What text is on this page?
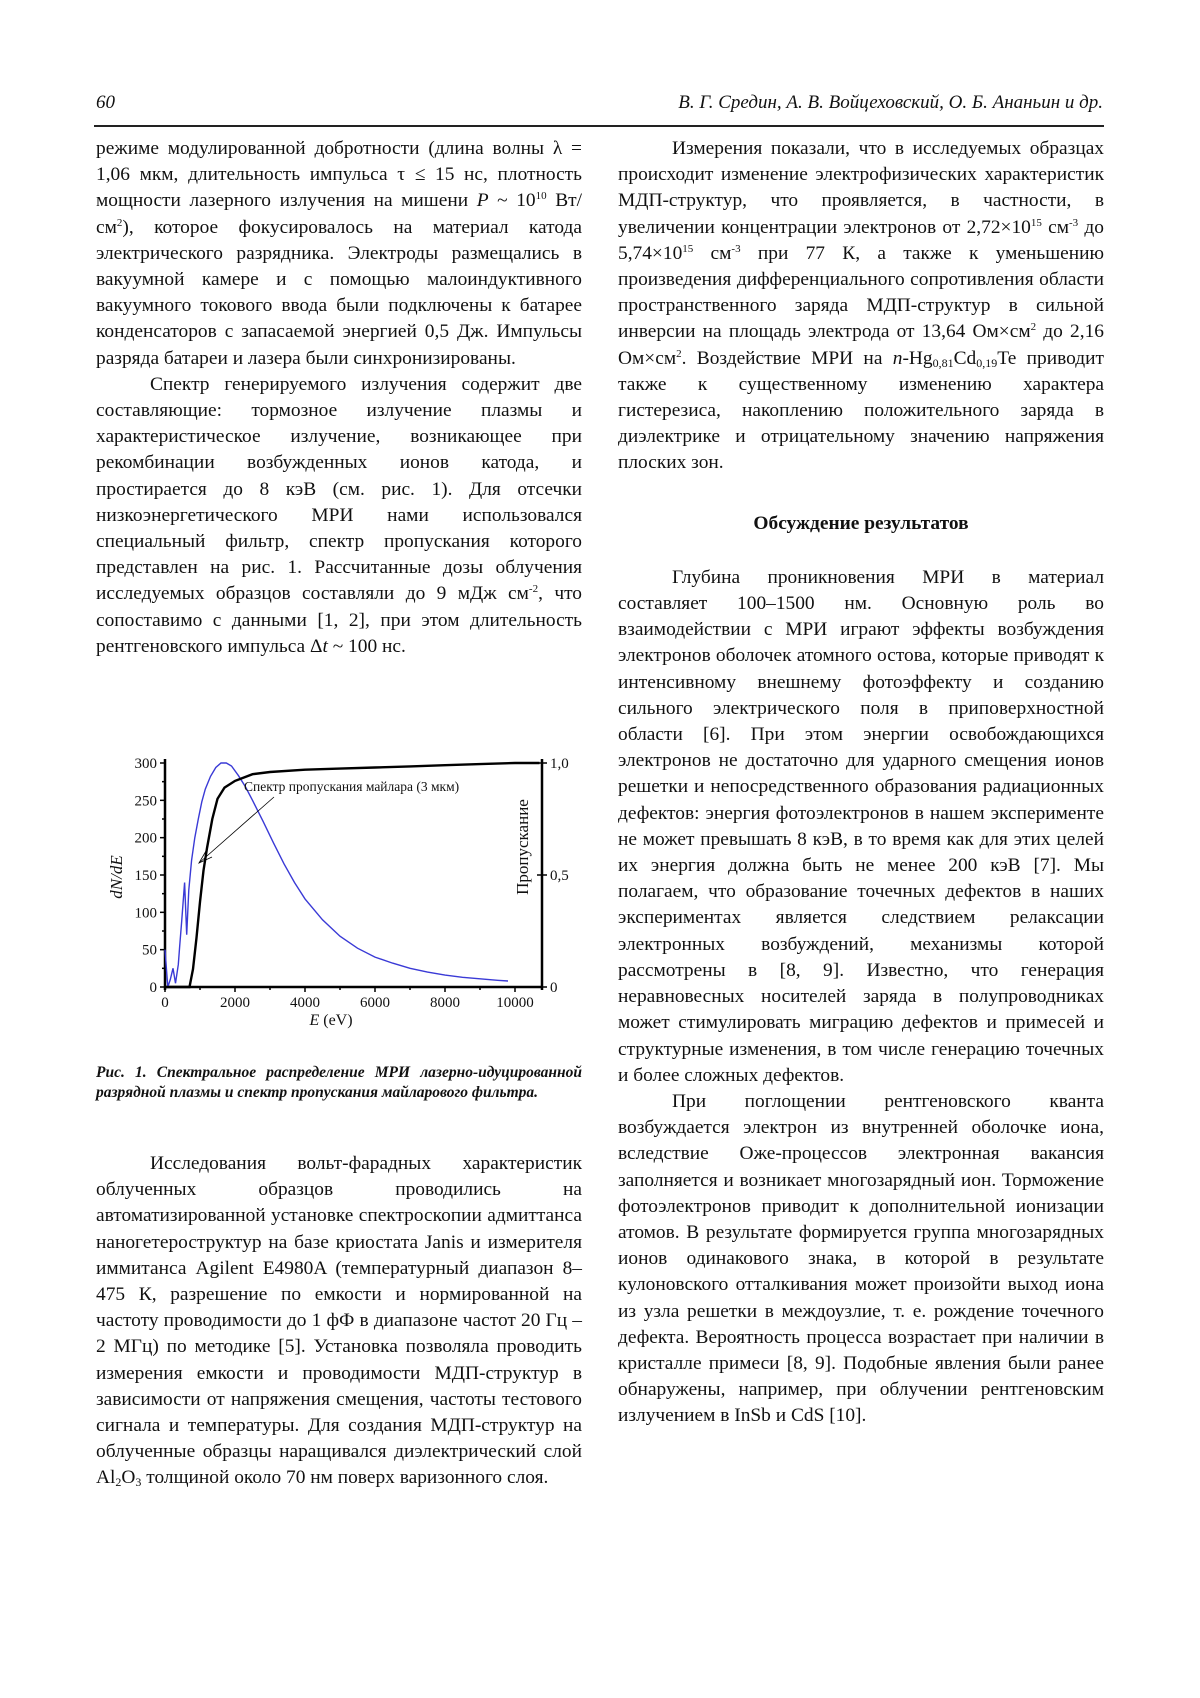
60	В. Г. Средин, А. В. Войцеховский, О. Б. Ананьин и др.

режиме модулированной добротности (длина волны λ = 1,06 мкм, длительность импульса τ ≤ 15 нс, плотность мощности лазерного излучения на мишени P ~ $10^{10}$ $Вт/см^2$), которое фокусировалось на материал катода электрического разрядника. Электроды размещались в вакуумной камере и с помощью малоиндуктивного вакуумного токового ввода были подключены к батарее конденсаторов с запасаемой энергией 0,5 Дж. Импульсы разряда батареи и лазера были синхронизированы.

Спектр генерируемого излучения содержит две составляющие: тормозное излучение плазмы и характеристическое излучение, возникающее при рекомбинации возбужденных ионов катода, и простирается до 8 кэВ (см. рис. 1). Для отсечки низкоэнергетического МРИ нами использовался специальный фильтр, спектр пропускания которого представлен на рис. 1. Рассчитанные дозы облучения исследуемых образцов составляли до 9 мДж $см^{-2}$, что сопоставимо с данными [1, 2], при этом длительность рентгеновского импульса Δt ~ 100 нс.

0
50
100
150
200
250
300
0	2000	4000	6000	8000 10000
0
0,5
1,0
Спектр пропускания майлара (3 мкм)
E (eV)
dN/dE	Пропускание
Рис. 1. Спектральное распределение МРИ лазерно-идуцированной разрядной плазмы и спектр пропускания майларового фильтра.

Исследования вольт-фарадных характеристик облученных образцов проводились на автоматизированной установке спектроскопии адмиттанса наногетероструктур на базе криостата Janis и измерителя иммитанса Agilent E4980A (температурный диапазон 8–475 К, разрешение по емкости и нормированной на частоту проводимости до 1 фФ в диапазоне частот 20 Гц – 2 МГц) по методике [5]. Установка позволяла проводить измерения емкости и проводимости МДП-структур в зависимости от напряжения смещения, частоты тестового сигнала и температуры. Для создания МДП-структур на облученные образцы наращивался диэлектрический слой $Al_2O_3$ толщиной около 70 нм поверх варизонного слоя.

Измерения показали, что в исследуемых образцах происходит изменение электрофизических характеристик МДП-структур, что проявляется, в частности, в увеличении концентрации электронов от $2,72\times 10^{15}$ $см^{-3}$ до $5,74\times 10^{15}$ $см^{-3}$ при 77 К, а также к уменьшению произведения дифференциального сопротивления области пространственного заряда МДП-структур в сильной инверсии на площадь электрода от 13,64 $Ом\times см^2$ до 2,16 $Ом\times см^2$. Воздействие МРИ на $n-Hg_{0,81}Cd_{0,19}Te$ приводит также к существенному изменению характера гистерезиса, накоплению положительного заряда в диэлектрике и отрицательному значению напряжения плоских зон.

Обсуждение результатов

Глубина проникновения МРИ в материал составляет 100–1500 нм. Основную роль во взаимодействии с МРИ играют эффекты возбуждения электронов оболочек атомного остова, которые приводят к интенсивному внешнему фотоэффекту и созданию сильного электрического поля в приповерхностной области [6]. При этом энергии освобождающихся электронов не достаточно для ударного смещения ионов решетки и непосредственного образования радиационных дефектов: энергия фотоэлектронов в нашем эксперименте не может превышать 8 кэВ, в то время как для этих целей их энергия должна быть не менее 200 кэВ [7]. Мы полагаем, что образование точечных дефектов в наших экспериментах является следствием релаксации электронных возбуждений, механизмы которой рассмотрены в [8, 9]. Известно, что генерация неравновесных носителей заряда в полупроводниках может стимулировать миграцию дефектов и примесей и структурные изменения, в том числе генерацию точечных и более сложных дефектов.

При поглощении рентгеновского кванта возбуждается электрон из внутренней оболочке иона, вследствие Оже-процессов электронная вакансия заполняется и возникает многозарядный ион. Торможение фотоэлектронов приводит к дополнительной ионизации атомов. В результате формируется группа многозарядных ионов одинакового знака, в которой в результате кулоновского отталкивания может произойти выход иона из узла решетки в междоузлие, т. е. рождение точечного дефекта. Вероятность процесса возрастает при наличии в кристалле примеси [8, 9]. Подобные явления были ранее обнаружены, например, при облучении рентгеновским излучением в InSb и CdS [10].
